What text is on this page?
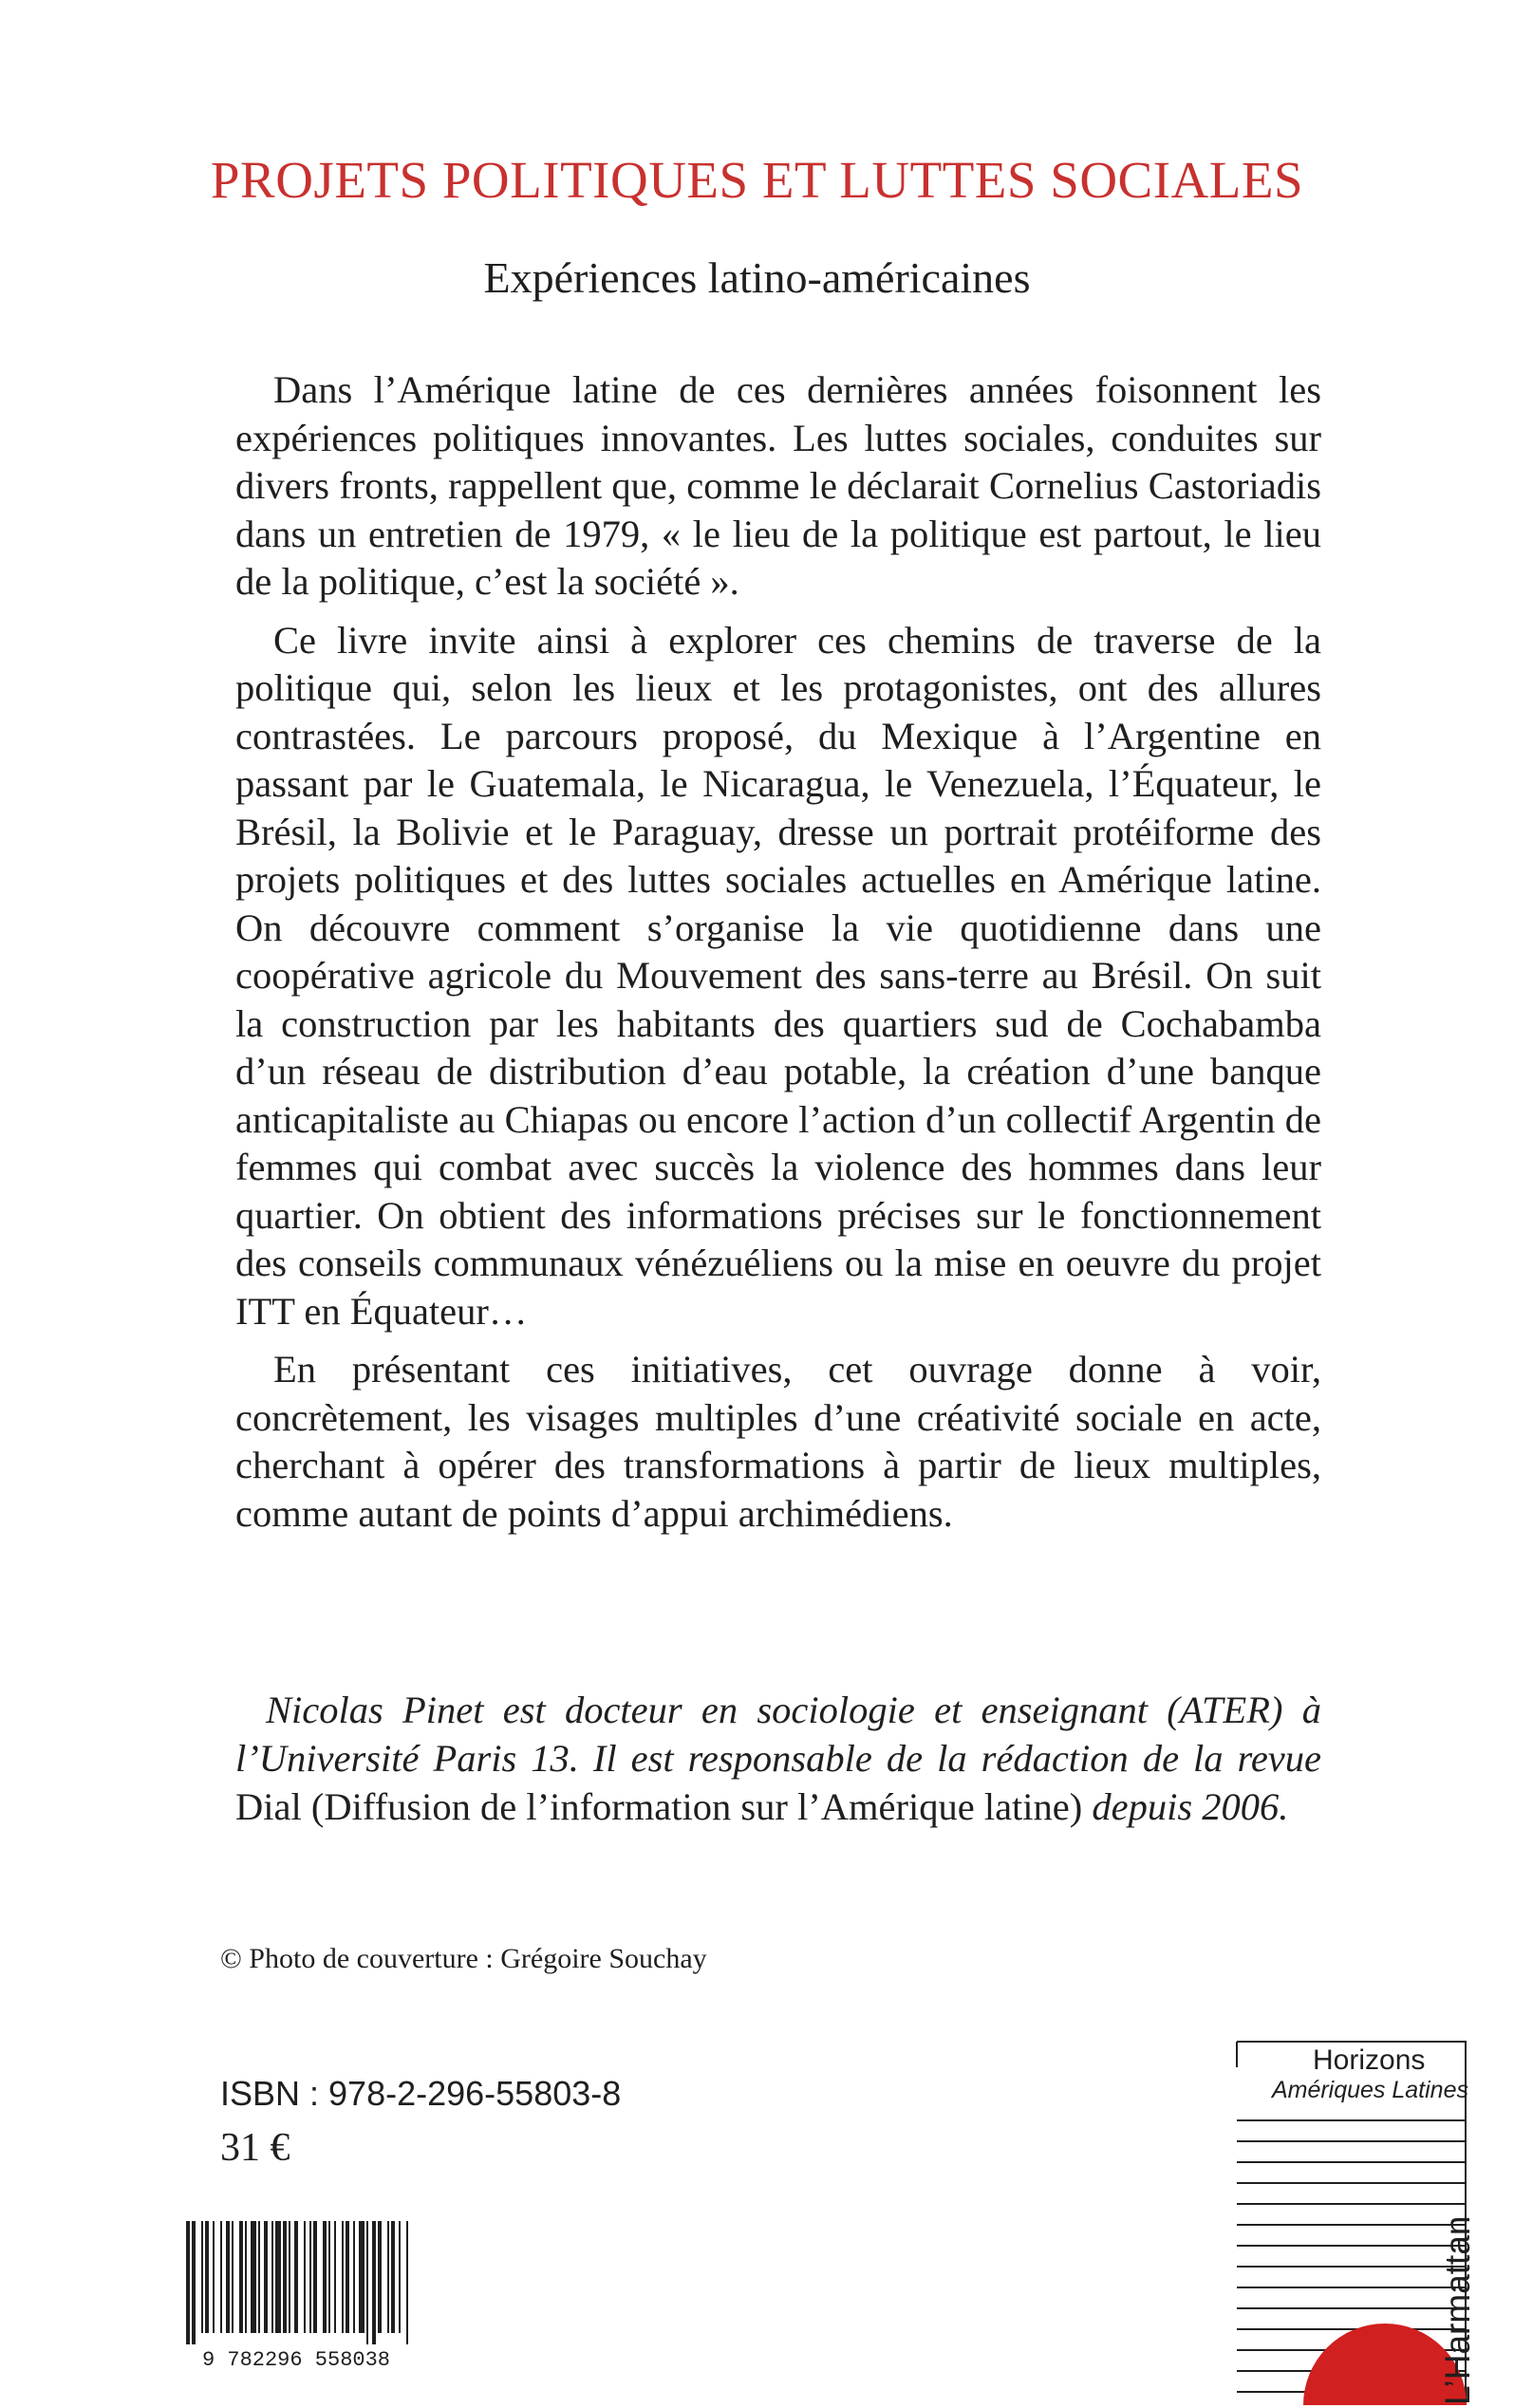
PROJETS POLITIQUES ET LUTTES SOCIALES
Expériences latino-américaines

Dans l’Amérique latine de ces dernières années foisonnent les expériences politiques innovantes. Les luttes sociales, conduites sur divers fronts, rappellent que, comme le déclarait Cornelius Castoriadis dans un entretien de 1979, « le lieu de la politique est partout, le lieu de la politique, c’est la société ».

Ce livre invite ainsi à explorer ces chemins de traverse de la politique qui, selon les lieux et les protagonistes, ont des allures contrastées. Le parcours proposé, du Mexique à l’Argentine en passant par le Guatemala, le Nicaragua, le Venezuela, l’Équateur, le Brésil, la Bolivie et le Paraguay, dresse un portrait protéiforme des projets politiques et des luttes sociales actuelles en Amérique latine. On découvre comment s’organise la vie quotidienne dans une coopérative agricole du Mouvement des sans-terre au Brésil. On suit la construction par les habitants des quartiers sud de Cochabamba d’un réseau de distribution d’eau potable, la création d’une banque anticapitaliste au Chiapas ou encore l’action d’un collectif Argentin de femmes qui combat avec succès la violence des hommes dans leur quartier. On obtient des informations précises sur le fonctionnement des conseils communaux vénézuéliens ou la mise en oeuvre du projet ITT en Équateur…

En présentant ces initiatives, cet ouvrage donne à voir, concrètement, les visages multiples d’une créativité sociale en acte, cherchant à opérer des transformations à partir de lieux multiples, comme autant de points d’appui archimédiens.

Nicolas Pinet est docteur en sociologie et enseignant (ATER) à l’Université Paris 13. Il est responsable de la rédaction de la revue Dial (Diffusion de l’information sur l’Amérique latine) depuis 2006.
© Photo de couverture : Grégoire Souchay
ISBN : 978-2-296-55803-8
31 €
9 782296 558038
Horizons
Amériques Latines
L’Harmattan
